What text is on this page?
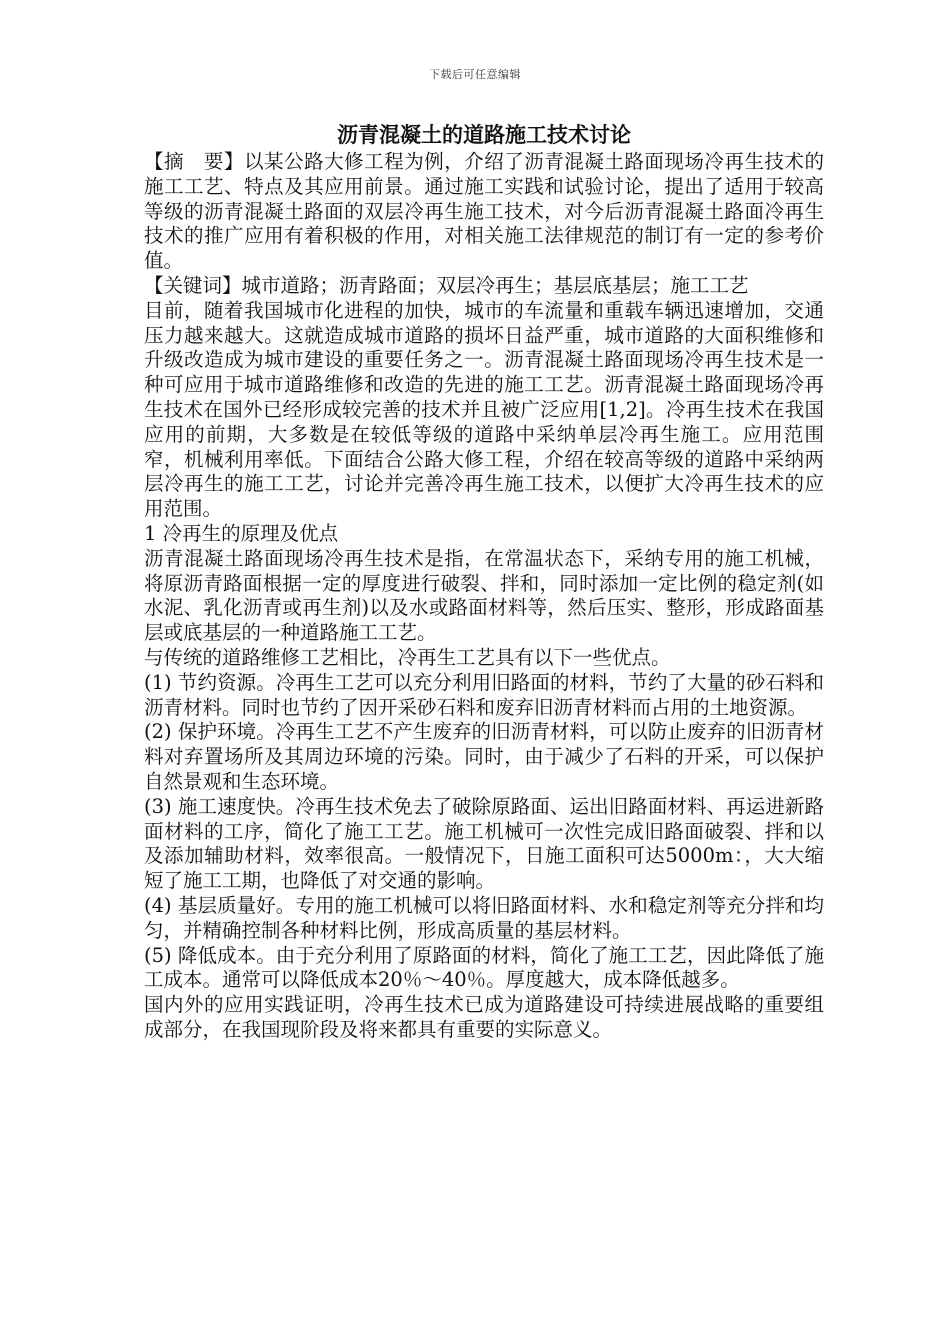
下载后可任意编辑
沥青混凝土的道路施工技术讨论

【摘　要】以某公路大修工程为例，介绍了沥青混凝土路面现场冷再生技术的施工工艺、特点及其应用前景。通过施工实践和试验讨论，提出了适用于较高等级的沥青混凝土路面的双层冷再生施工技术，对今后沥青混凝土路面冷再生技术的推广应用有着积极的作用，对相关施工法律规范的制订有一定的参考价值。

【关键词】城市道路；沥青路面；双层冷再生；基层底基层；施工工艺

目前，随着我国城市化进程的加快，城市的车流量和重载车辆迅速增加，交通压力越来越大。这就造成城市道路的损坏日益严重，城市道路的大面积维修和升级改造成为城市建设的重要任务之一。沥青混凝土路面现场冷再生技术是一种可应用于城市道路维修和改造的先进的施工工艺。沥青混凝土路面现场冷再生技术在国外已经形成较完善的技术并且被广泛应用[1,2]。冷再生技术在我国应用的前期，大多数是在较低等级的道路中采纳单层冷再生施工。应用范围窄，机械利用率低。下面结合公路大修工程，介绍在较高等级的道路中采纳两层冷再生的施工工艺，讨论并完善冷再生施工技术，以便扩大冷再生技术的应用范围。

1 冷再生的原理及优点

沥青混凝土路面现场冷再生技术是指，在常温状态下，采纳专用的施工机械，将原沥青路面根据一定的厚度进行破裂、拌和，同时添加一定比例的稳定剂(如水泥、乳化沥青或再生剂)以及水或路面材料等，然后压实、整形，形成路面基层或底基层的一种道路施工工艺。

与传统的道路维修工艺相比，冷再生工艺具有以下一些优点。

(1) 节约资源。冷再生工艺可以充分利用旧路面的材料，节约了大量的砂石料和沥青材料。同时也节约了因开采砂石料和废弃旧沥青材料而占用的土地资源。

(2) 保护环境。冷再生工艺不产生废弃的旧沥青材料，可以防止废弃的旧沥青材料对弃置场所及其周边环境的污染。同时，由于减少了石料的开采，可以保护自然景观和生态环境。

(3) 施工速度快。冷再生技术免去了破除原路面、运出旧路面材料、再运进新路面材料的工序，简化了施工工艺。施工机械可一次性完成旧路面破裂、拌和以及添加辅助材料，效率很高。一般情况下，日施工面积可达5000m：，大大缩短了施工工期，也降低了对交通的影响。

(4) 基层质量好。专用的施工机械可以将旧路面材料、水和稳定剂等充分拌和均匀，并精确控制各种材料比例，形成高质量的基层材料。

(5) 降低成本。由于充分利用了原路面的材料，简化了施工工艺，因此降低了施工成本。通常可以降低成本20％～40％。厚度越大，成本降低越多。

国内外的应用实践证明，冷再生技术已成为道路建设可持续进展战略的重要组成部分，在我国现阶段及将来都具有重要的实际意义。
